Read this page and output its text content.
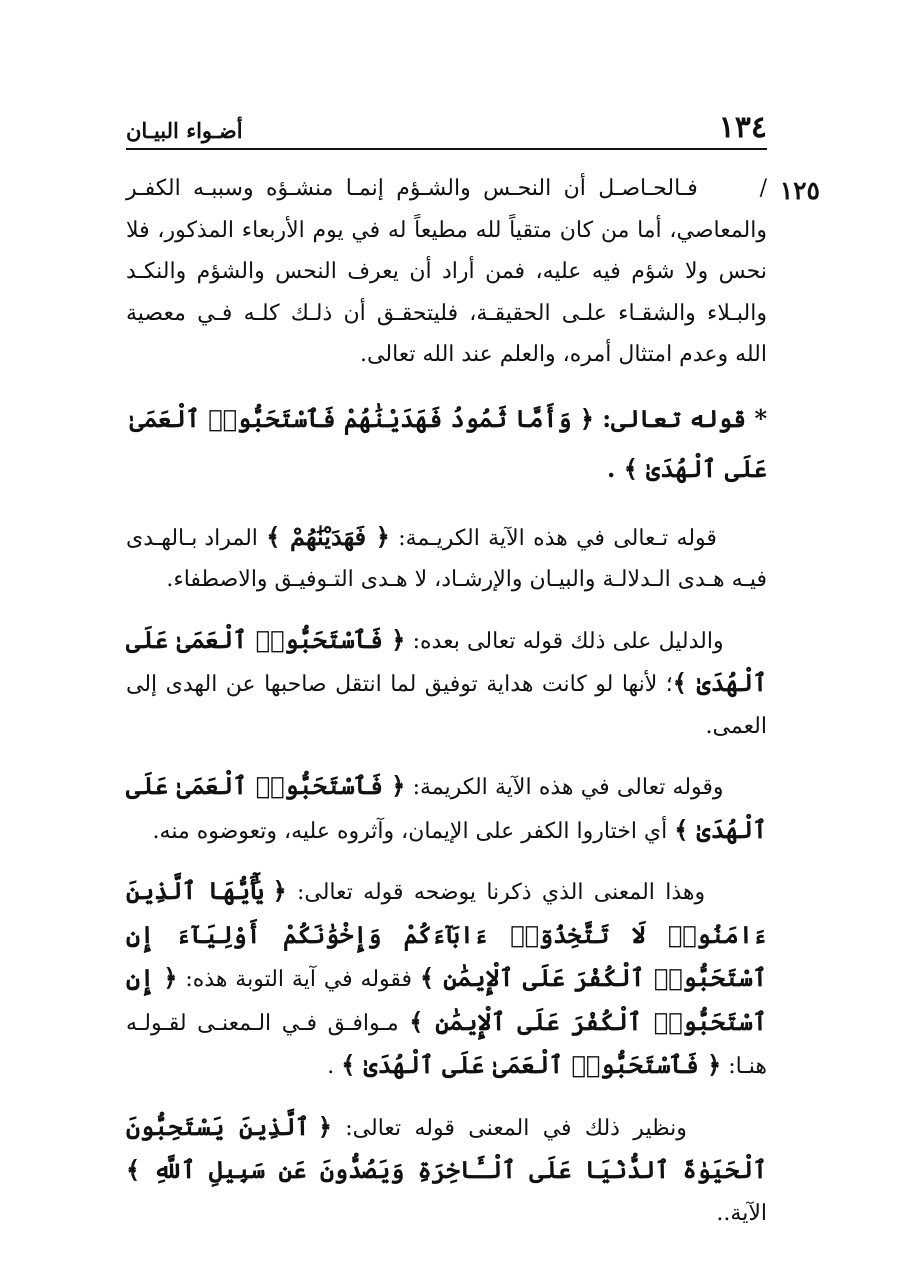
١٣٤
أضـواء البيـان
١٢٥

/     فـالحـاصـل أن النحـس والشـؤم إنمـا منشـؤه وسببـه الكفـر والمعاصي، أما من كان متقياً لله مطيعاً له في يوم الأربعاء المذكور، فلا نحس ولا شؤم فيه عليه، فمن أراد أن يعرف النحس والشؤم والنكـد والبـلاء والشقـاء علـى الحقيقـة، فليتحقـق أن ذلـك كلـه فـي معصية الله وعدم امتثال أمره، والعلم عند الله تعالى.

* قوله تعالى: ﴿ وَأَمَّا ثَمُودُ فَهَدَيْنَٰهُمْ فَٱسْتَحَبُّوا۟ ٱلْعَمَىٰ عَلَى ٱلْهُدَىٰ ﴾ .

قوله تـعالى في هذه الآية الكريـمة: ﴿ فَهَدَيْنَٰهُمْ ﴾ المراد بـالهـدى فيـه هـدى الـدلالـة والبيـان والإرشـاد، لا هـدى التـوفيـق والاصطفاء.

والدليل على ذلك قوله تعالى بعده: ﴿ فَٱسْتَحَبُّوا۟ ٱلْعَمَىٰ عَلَى ٱلْهُدَىٰ ﴾؛ لأنها لو كانت هداية توفيق لما انتقل صاحبها عن الهدى إلى العمى.

وقوله تعالى في هذه الآية الكريمة: ﴿ فَٱسْتَحَبُّوا۟ ٱلْعَمَىٰ عَلَى ٱلْهُدَىٰ ﴾ أي اختاروا الكفر على الإيمان، وآثروه عليه، وتعوضوه منه.

وهذا المعنى الذي ذكرنا يوضحه قوله تعالى: ﴿ يَٰٓأَيُّهَا ٱلَّذِينَ ءَامَنُوا۟ لَا تَتَّخِذُوٓا۟ ءَابَآءَكُمْ وَإِخْوَٰنَكُمْ أَوْلِيَآءَ إِنِ ٱسْتَحَبُّوا۟ ٱلْكُفْرَ عَلَى ٱلْإِيمَٰنِ ﴾ فقوله في آية التوبة هذه: ﴿ إِنِ ٱسْتَحَبُّوا۟ ٱلْكُفْرَ عَلَى ٱلْإِيمَٰنِ ﴾ مـوافـق فـي الـمعنـى لقـولـه هنـا: ﴿ فَٱسْتَحَبُّوا۟ ٱلْعَمَىٰ عَلَى ٱلْهُدَىٰ ﴾ .

ونظير ذلك في المعنى قوله تعالى: ﴿ ٱلَّذِينَ يَسْتَحِبُّونَ ٱلْحَيَوٰةَ ٱلدُّنْيَا عَلَى ٱلْـَٔاخِرَةِ وَيَصُدُّونَ عَن سَبِيلِ ٱللَّهِ ﴾ الآية..
